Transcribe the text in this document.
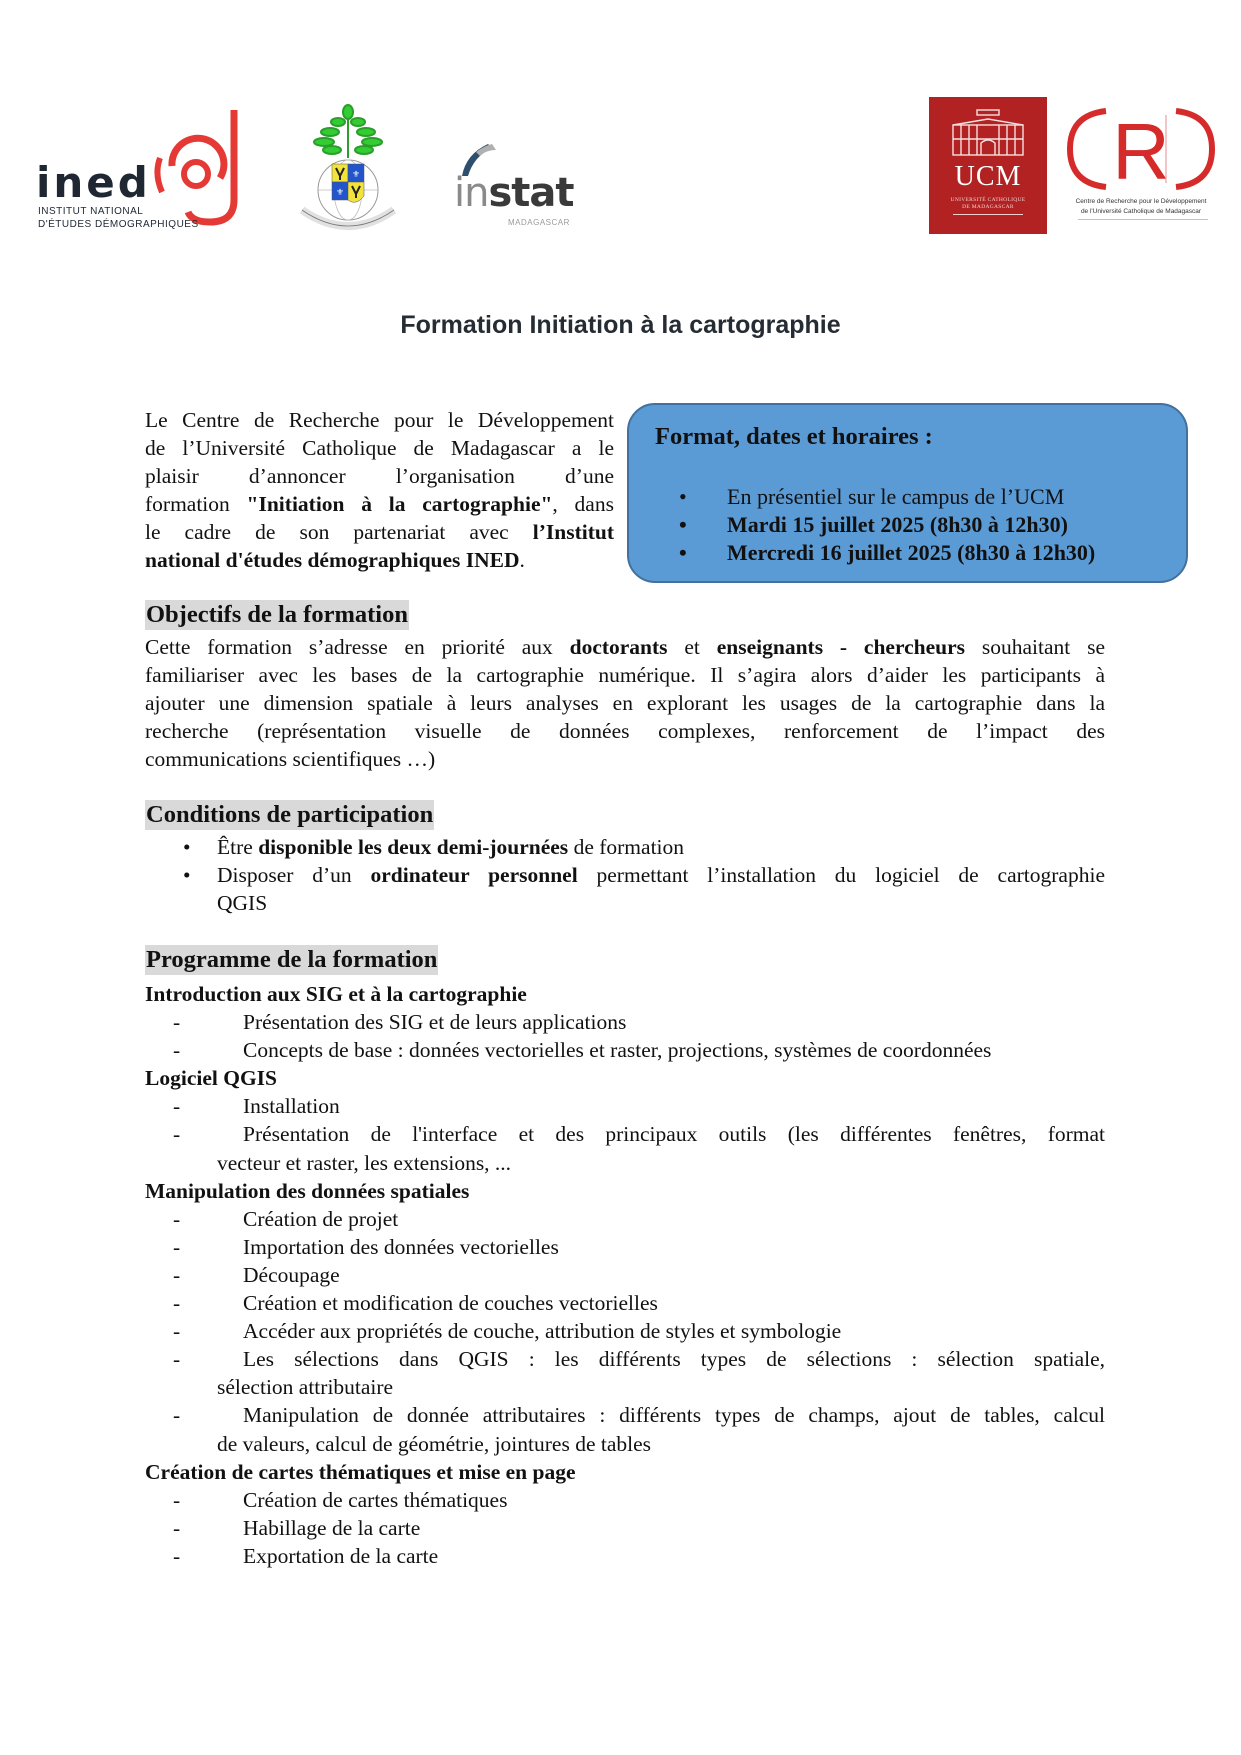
ined
INSTITUT NATIONAL
D'ÉTUDES DÉMOGRAPHIQUES
⚜
⚜	instat
MADAGASCAR
UCM
UNIVERSITÉ CATHOLIQUE
DE MADAGASCAR
R
Centre de Recherche pour le Développement
de l'Université Catholique de Madagascar
Formation Initiation à la cartographie
Le Centre de Recherche pour le Développement
de l’Université Catholique de Madagascar a le
plaisir d’annoncer l’organisation d’une
formation "Initiation à la cartographie", dans
le cadre de son partenariat avec l’Institut
national d'études démographiques INED.
Format, dates et horaires :
• En présentiel sur le campus de l’UCM
• Mardi 15 juillet 2025 (8h30 à 12h30)
• Mercredi 16 juillet 2025 (8h30 à 12h30)
Objectifs de la formation
Cette formation s’adresse en priorité aux doctorants et enseignants - chercheurs souhaitant se
familiariser avec les bases de la cartographie numérique. Il s’agira alors d’aider les participants à
ajouter une dimension spatiale à leurs analyses en explorant les usages de la cartographie dans la
recherche (représentation visuelle de données complexes, renforcement de l’impact des
communications scientifiques …)
Conditions de participation
• Être disponible les deux demi-journées de formation
• Disposer d’un ordinateur personnel permettant l’installation du logiciel de cartographie
QGIS
Programme de la formation
Introduction aux SIG et à la cartographie
-	Présentation des SIG et de leurs applications
-	Concepts de base : données vectorielles et raster, projections, systèmes de coordonnées
Logiciel QGIS
-	Installation
-	Présentation de l'interface et des principaux outils (les différentes fenêtres, format
vecteur et raster, les extensions, ...
Manipulation des données spatiales
-	Création de projet
-	Importation des données vectorielles
-	Découpage
-	Création et modification de couches vectorielles
-	Accéder aux propriétés de couche, attribution de styles et symbologie
-	Les sélections dans QGIS : les différents types de sélections : sélection spatiale,
sélection attributaire
-	Manipulation de donnée attributaires : différents types de champs, ajout de tables, calcul
de valeurs, calcul de géométrie, jointures de tables
Création de cartes thématiques et mise en page
-	Création de cartes thématiques
-	Habillage de la carte
-	Exportation de la carte
